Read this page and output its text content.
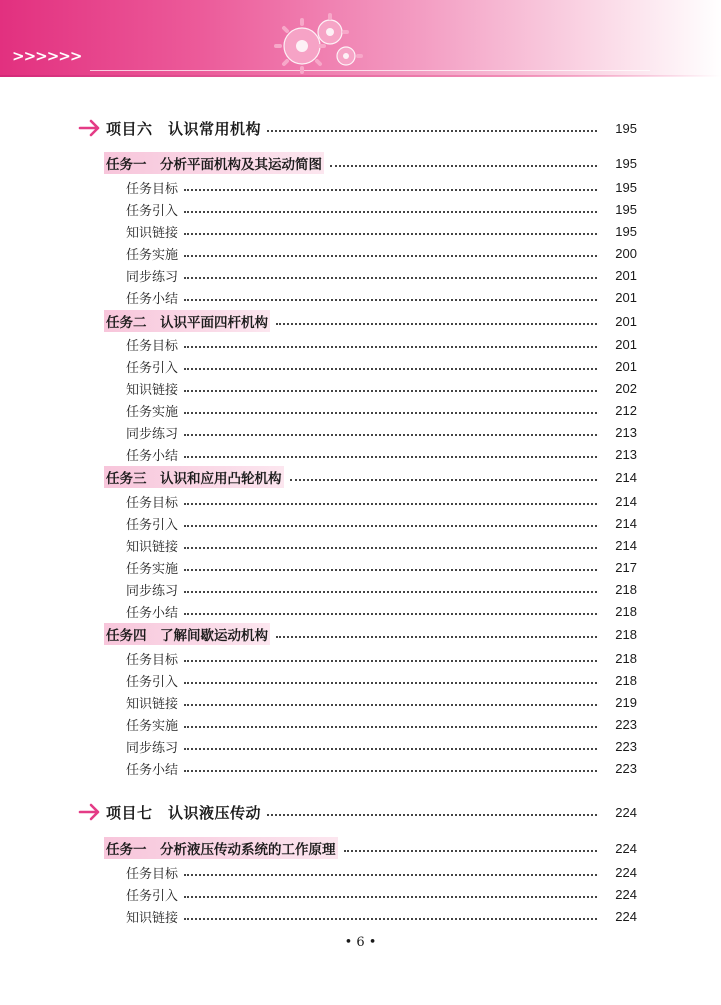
>>>>>>
项目六　认识常用机构	195
任务一　分析平面机构及其运动简图	195
任务目标	195
任务引入	195
知识链接	195
任务实施	200
同步练习	201
任务小结	201
任务二　认识平面四杆机构	201
任务目标	201
任务引入	201
知识链接	202
任务实施	212
同步练习	213
任务小结	213
任务三　认识和应用凸轮机构	214
任务目标	214
任务引入	214
知识链接	214
任务实施	217
同步练习	218
任务小结	218
任务四　了解间歇运动机构	218
任务目标	218
任务引入	218
知识链接	219
任务实施	223
同步练习	223
任务小结	223
项目七　认识液压传动	224
任务一　分析液压传动系统的工作原理	224
任务目标	224
任务引入	224
知识链接	224
• 6 •
